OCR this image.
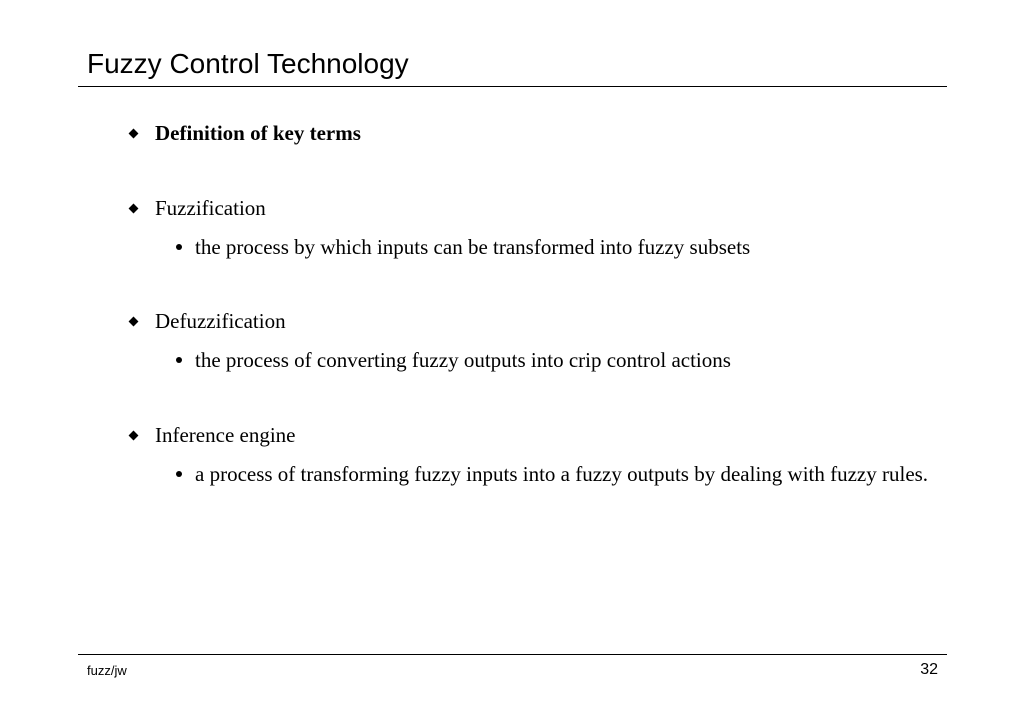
Fuzzy Control Technology
Definition of key terms
Fuzzification
the process by which inputs can be transformed into fuzzy subsets
Defuzzification
the process of converting fuzzy outputs into crip control actions
Inference engine
a process of transforming fuzzy inputs into a fuzzy outputs by dealing with fuzzy rules.
fuzz/jw	32
